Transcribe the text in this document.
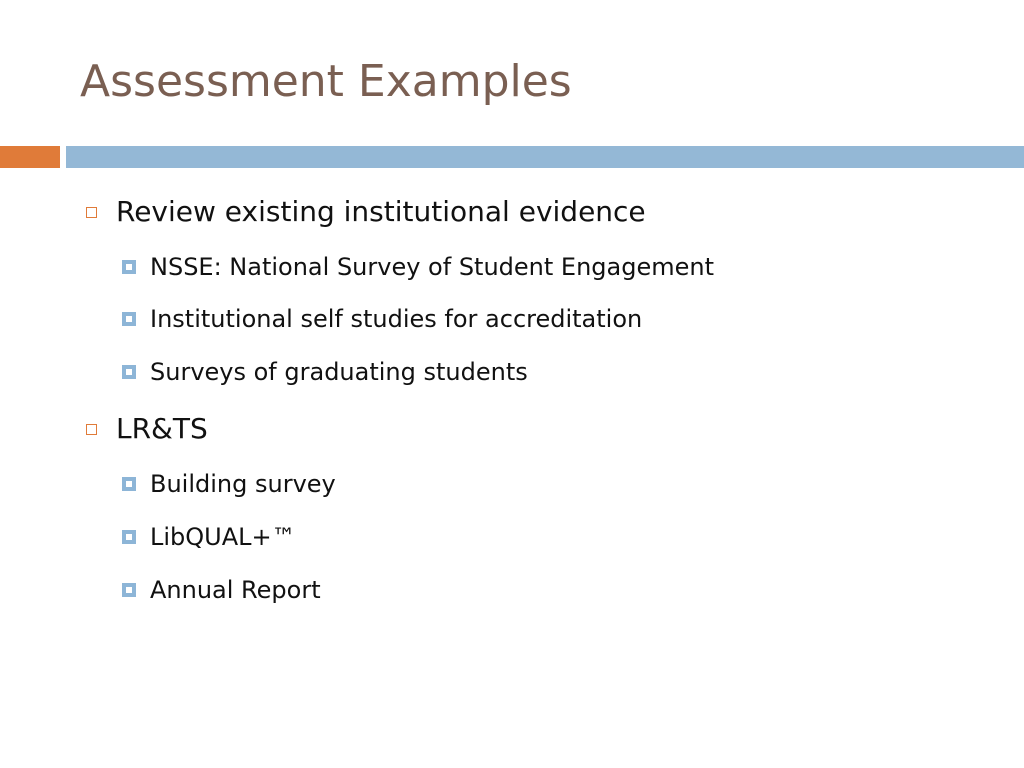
Assessment Examples
Review existing institutional evidence
NSSE: National Survey of Student Engagement
Institutional self studies for accreditation
Surveys of graduating students
LR&TS
Building survey
LibQUAL+™
Annual Report
